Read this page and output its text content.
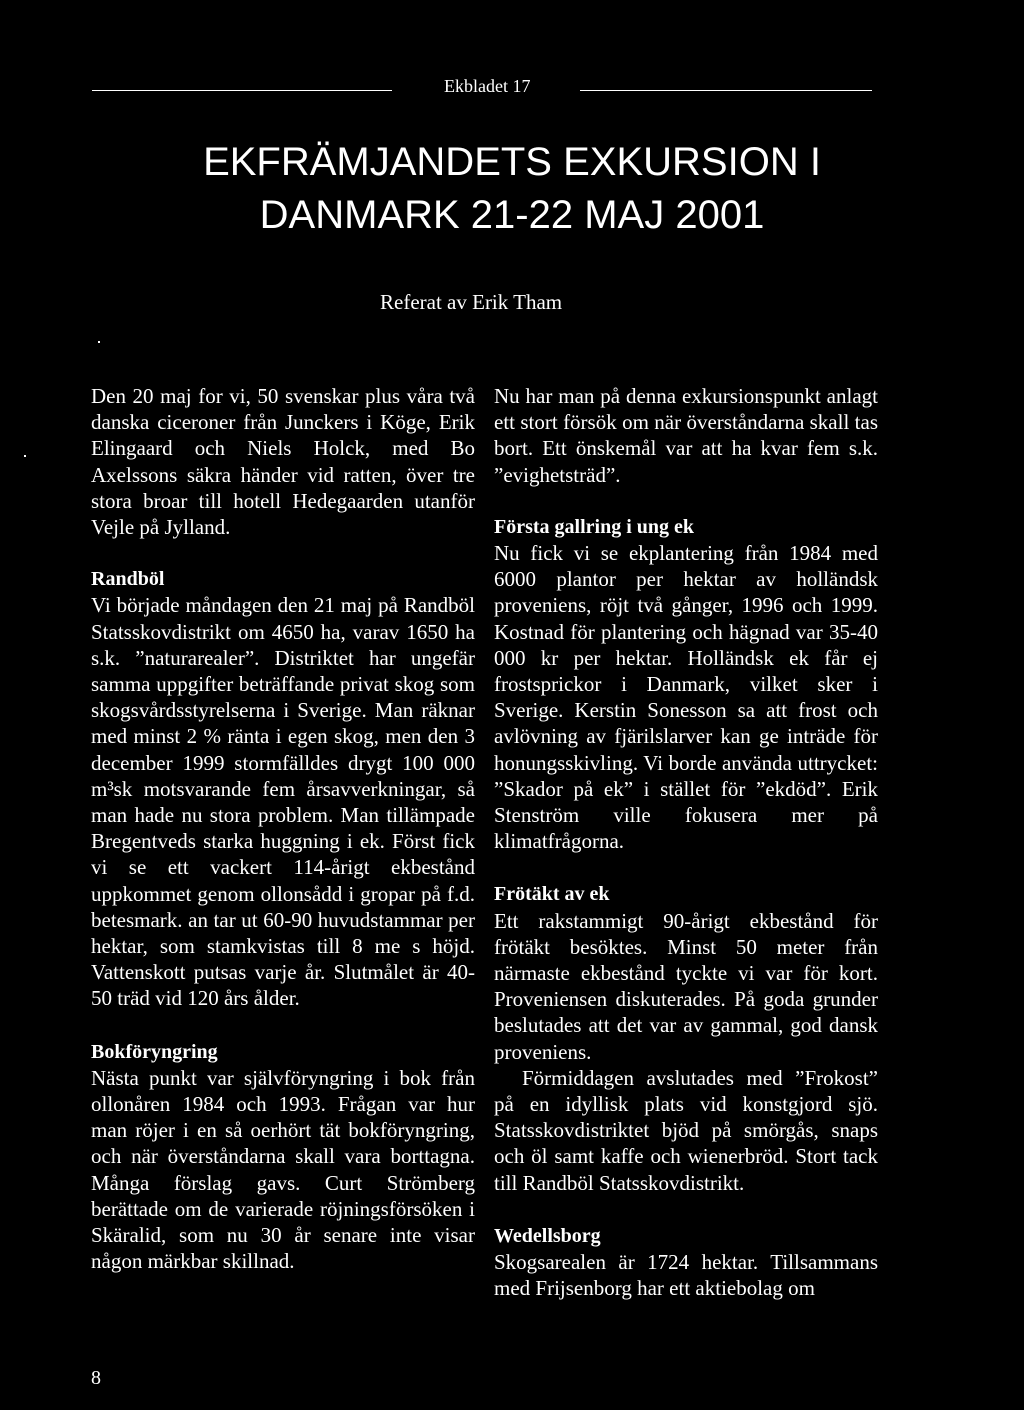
Ekbladet 17
EKFRÄMJANDETS EXKURSION I
DANMARK 21-22 MAJ 2001
Referat av Erik Tham

Den 20 maj for vi, 50 svenskar plus våra två danska ciceroner från Junckers i Köge, Erik Elingaard och Niels Holck, med Bo Axelssons säkra händer vid ratten, över tre stora broar till hotell Hedegaarden utanför Vejle på Jylland.

Randböl

Vi började måndagen den 21 maj på Randböl Statsskovdistrikt om 4650 ha, varav 1650 ha s.k. ”naturarealer”. Distriktet har ungefär samma uppgifter beträffande privat skog som skogsvårdsstyrelserna i Sverige. Man räknar med minst 2 % ränta i egen skog, men den 3 december 1999 stormfälldes drygt 100 000 m³sk motsvarande fem årsavverkningar, så man hade nu stora problem. Man tillämpade Bregentveds starka huggning i ek. Först fick vi se ett vackert 114-årigt ekbestånd uppkommet genom ollonsådd i gropar på f.d. betesmark. an tar ut 60-90 huvudstammar per hektar, som stamkvistas till 8 me s höjd. Vattenskott putsas varje år. Slutmålet är 40-50 träd vid 120 års ålder.

Bokföryngring

Nästa punkt var självföryngring i bok från ollonåren 1984 och 1993. Frågan var hur man röjer i en så oerhört tät bokföryngring, och när överståndarna skall vara borttagna. Många förslag gavs. Curt Strömberg berättade om de varierade röjningsförsöken i Skäralid, som nu 30 år senare inte visar någon märkbar skillnad.

Nu har man på denna exkursionspunkt anlagt ett stort försök om när överståndarna skall tas bort. Ett önskemål var att ha kvar fem s.k. ”evighetsträd”.

Första gallring i ung ek

Nu fick vi se ekplantering från 1984 med 6000 plantor per hektar av holländsk proveniens, röjt två gånger, 1996 och 1999. Kostnad för plantering och hägnad var 35-40 000 kr per hektar. Holländsk ek får ej frostsprickor i Danmark, vilket sker i Sverige. Kerstin Sonesson sa att frost och avlövning av fjärilslarver kan ge inträde för honungsskivling. Vi borde använda uttrycket: ”Skador på ek” i stället för ”ekdöd”. Erik Stenström ville fokusera mer på klimatfrågorna.

Frötäkt av ek

Ett rakstammigt 90-årigt ekbestånd för frötäkt besöktes. Minst 50 meter från närmaste ekbestånd tyckte vi var för kort. Proveniensen diskuterades. På goda grunder beslutades att det var av gammal, god dansk proveniens.

Förmiddagen avslutades med ”Frokost” på en idyllisk plats vid konstgjord sjö. Statsskovdistriktet bjöd på smörgås, snaps och öl samt kaffe och wienerbröd. Stort tack till Randböl Statsskovdistrikt.

Wedellsborg

Skogsarealen är 1724 hektar. Tillsammans med Frijsenborg har ett aktiebolag om

8
